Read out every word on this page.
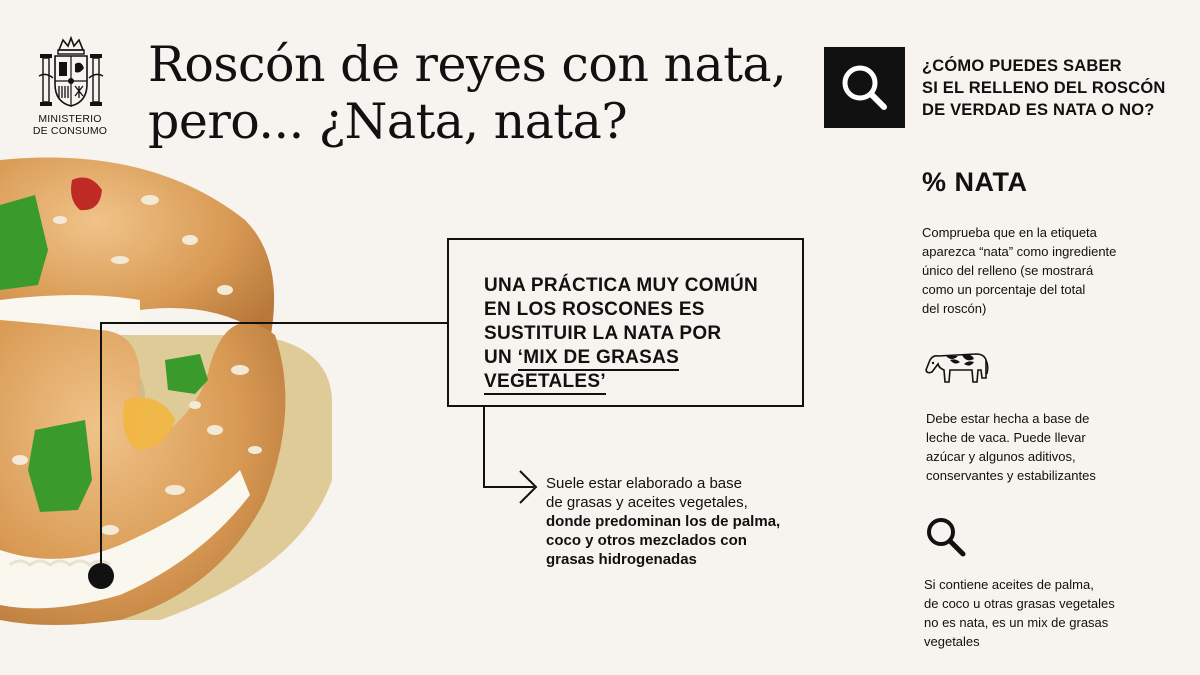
MINISTERIO
DE CONSUMO
Roscón de reyes con nata,
pero... ¿Nata, nata?
UNA PRÁCTICA MUY COMÚN
EN LOS ROSCONES ES
SUSTITUIR LA NATA POR
UN ‘MIX DE GRASAS VEGETALES’
Suele estar elaborado a base
de grasas y aceites vegetales,
donde predominan los de palma,
coco y otros mezclados con
grasas hidrogenadas
¿CÓMO PUEDES SABER
SI EL RELLENO DEL ROSCÓN
DE VERDAD ES NATA O NO?
% NATA
Comprueba que en la etiqueta
aparezca “nata” como ingrediente
único del relleno (se mostrará
como un porcentaje del total
del roscón)
Debe estar hecha a base de
leche de vaca. Puede llevar
azúcar y algunos aditivos,
conservantes y estabilizantes
Si contiene aceites de palma,
de coco u otras grasas vegetales
no es nata, es un mix de grasas
vegetales
